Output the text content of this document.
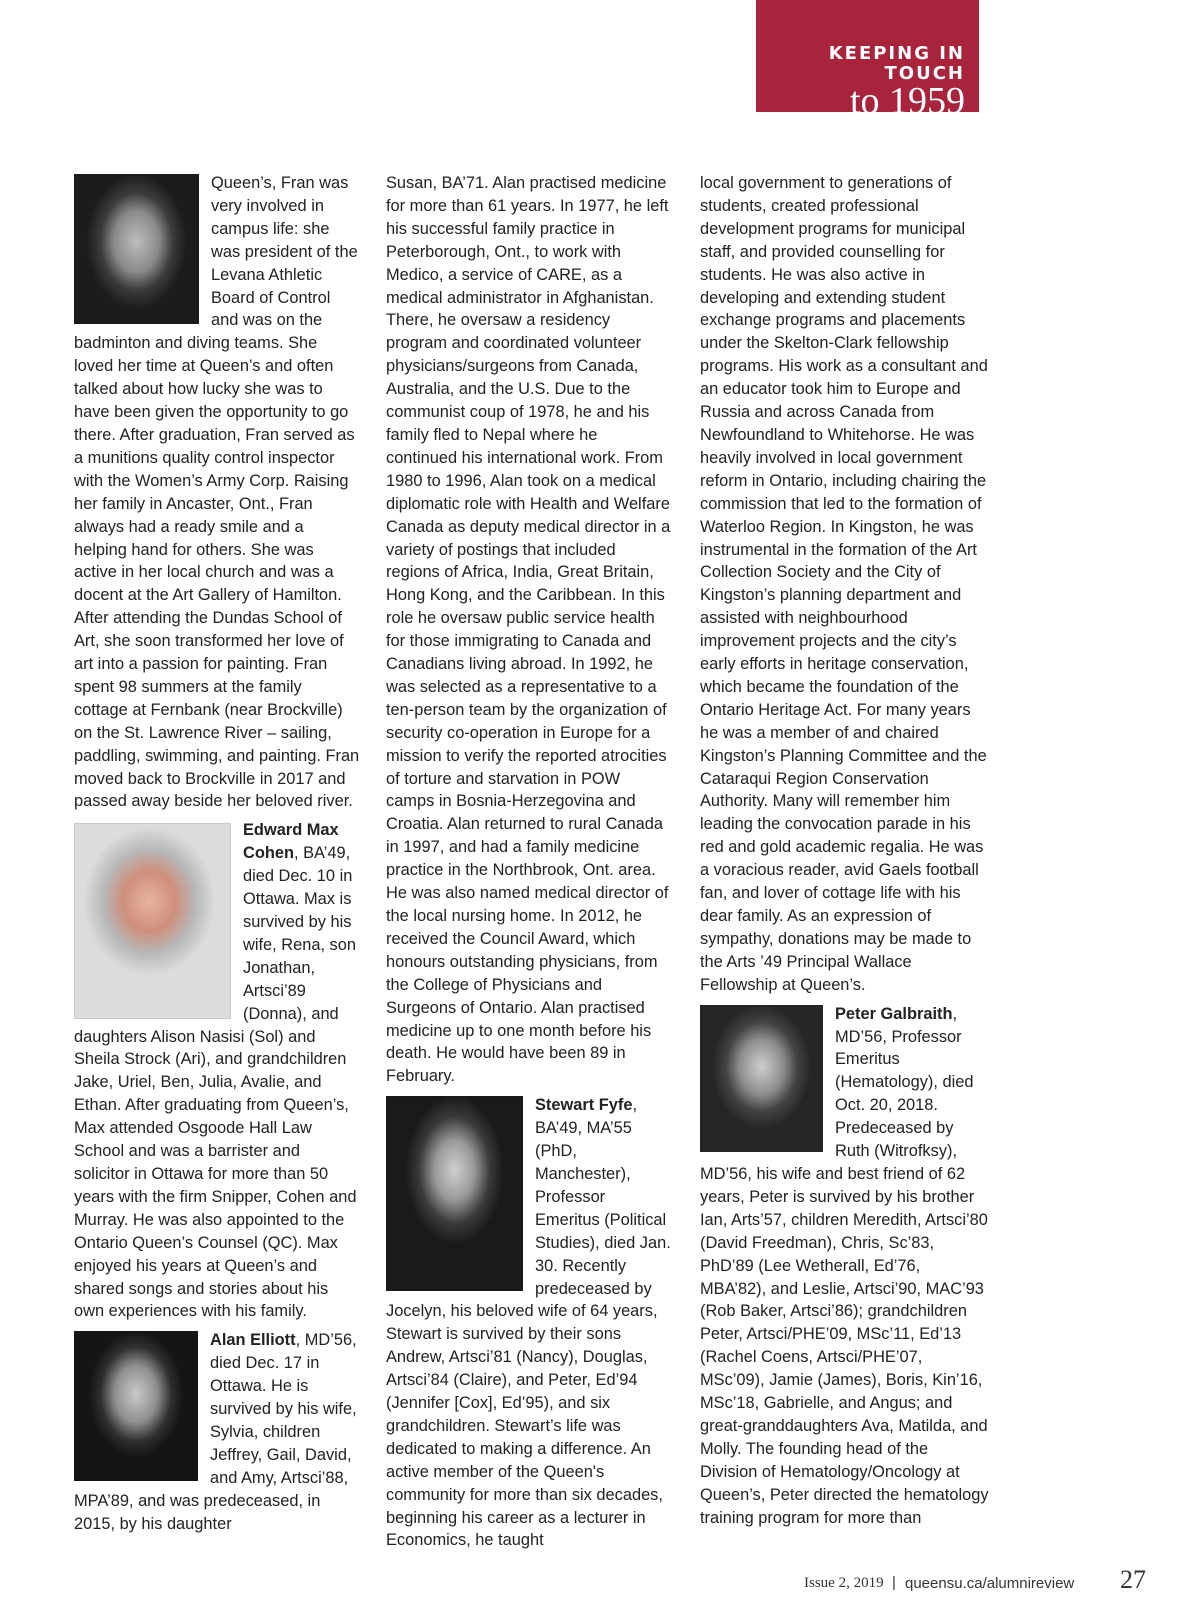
KEEPING IN TOUCH
to 1959

Queen’s, Fran was very involved in campus life: she was president of the Levana Athletic Board of Control and was on the badminton and diving teams. She loved her time at Queen’s and often talked about how lucky she was to have been given the opportunity to go there. After graduation, Fran served as a munitions quality control inspector with the Women’s Army Corp. Raising her family in Ancaster, Ont., Fran always had a ready smile and a helping hand for others. She was active in her local church and was a docent at the Art Gallery of Hamilton. After attending the Dundas School of Art, she soon transformed her love of art into a passion for painting. Fran spent 98 summers at the family cottage at Fernbank (near Brockville) on the St. Lawrence River – sailing, paddling, swimming, and painting. Fran moved back to Brockville in 2017 and passed away beside her beloved river.

Edward Max Cohen, BA’49, died Dec. 10 in Ottawa. Max is survived by his wife, Rena, son Jonathan, Artsci’89 (Donna), and daughters Alison Nasisi (Sol) and Sheila Strock (Ari), and grandchildren Jake, Uriel, Ben, Julia, Avalie, and Ethan. After graduating from Queen’s, Max attended Osgoode Hall Law School and was a barrister and solicitor in Ottawa for more than 50 years with the firm Snipper, Cohen and Murray. He was also appointed to the Ontario Queen’s Counsel (QC). Max enjoyed his years at Queen’s and shared songs and stories about his own experiences with his family.

Alan Elliott, MD’56, died Dec. 17 in Ottawa. He is survived by his wife, Sylvia, children Jeffrey, Gail, David, and Amy, Artsci’88, MPA’89, and was predeceased, in 2015, by his daughter

Susan, BA’71. Alan practised medicine for more than 61 years. In 1977, he left his successful family practice in Peterborough, Ont., to work with Medico, a service of CARE, as a medical administrator in Afghanistan. There, he oversaw a residency program and coordinated volunteer physicians/surgeons from Canada, Australia, and the U.S. Due to the communist coup of 1978, he and his family fled to Nepal where he continued his international work. From 1980 to 1996, Alan took on a medical diplomatic role with Health and Welfare Canada as deputy medical director in a variety of postings that included regions of Africa, India, Great Britain, Hong Kong, and the Caribbean. In this role he oversaw public service health for those immigrating to Canada and Canadians living abroad. In 1992, he was selected as a representative to a ten-person team by the organization of security co-operation in Europe for a mission to verify the reported atrocities of torture and starvation in POW camps in Bosnia-Herzegovina and Croatia. Alan returned to rural Canada in 1997, and had a family medicine practice in the Northbrook, Ont. area. He was also named medical director of the local nursing home. In 2012, he received the Council Award, which honours outstanding physicians, from the College of Physicians and Surgeons of Ontario. Alan practised medicine up to one month before his death. He would have been 89 in February.

Stewart Fyfe, BA’49, MA’55 (PhD, Manchester), Professor Emeritus (Political Studies), died Jan. 30. Recently predeceased by Jocelyn, his beloved wife of 64 years, Stewart is survived by their sons Andrew, Artsci’81 (Nancy), Douglas, Artsci’84 (Claire), and Peter, Ed’94 (Jennifer [Cox], Ed’95), and six grandchildren. Stewart’s life was dedicated to making a difference. An active member of the Queen's community for more than six decades, beginning his career as a lecturer in Economics, he taught

local government to generations of students, created professional development programs for municipal staff, and provided counselling for students. He was also active in developing and extending student exchange programs and placements under the Skelton-Clark fellowship programs. His work as a consultant and an educator took him to Europe and Russia and across Canada from Newfoundland to Whitehorse. He was heavily involved in local government reform in Ontario, including chairing the commission that led to the formation of Waterloo Region. In Kingston, he was instrumental in the formation of the Art Collection Society and the City of Kingston’s planning department and assisted with neighbourhood improvement projects and the city’s early efforts in heritage conservation, which became the foundation of the Ontario Heritage Act. For many years he was a member of and chaired Kingston’s Planning Committee and the Cataraqui Region Conservation Authority. Many will remember him leading the convocation parade in his red and gold academic regalia. He was a voracious reader, avid Gaels football fan, and lover of cottage life with his dear family. As an expression of sympathy, donations may be made to the Arts ’49 Principal Wallace Fellowship at Queen’s.

Peter Galbraith, MD’56, Professor Emeritus (Hematology), died Oct. 20, 2018. Predeceased by Ruth (Witrofksy), MD’56, his wife and best friend of 62 years, Peter is survived by his brother Ian, Arts’57, children Meredith, Artsci’80 (David Freedman), Chris, Sc’83, PhD’89 (Lee Wetherall, Ed’76, MBA’82), and Leslie, Artsci’90, MAC’93 (Rob Baker, Artsci’86); grandchildren Peter, Artsci/PHE’09, MSc’11, Ed’13 (Rachel Coens, Artsci/PHE’07, MSc’09), Jamie (James), Boris, Kin’16, MSc’18, Gabrielle, and Angus; and great-granddaughters Ava, Matilda, and Molly. The founding head of the Division of Hematology/Oncology at Queen’s, Peter directed the hematology training program for more than

Issue 2, 2019 | queensu.ca/alumnireview 27
